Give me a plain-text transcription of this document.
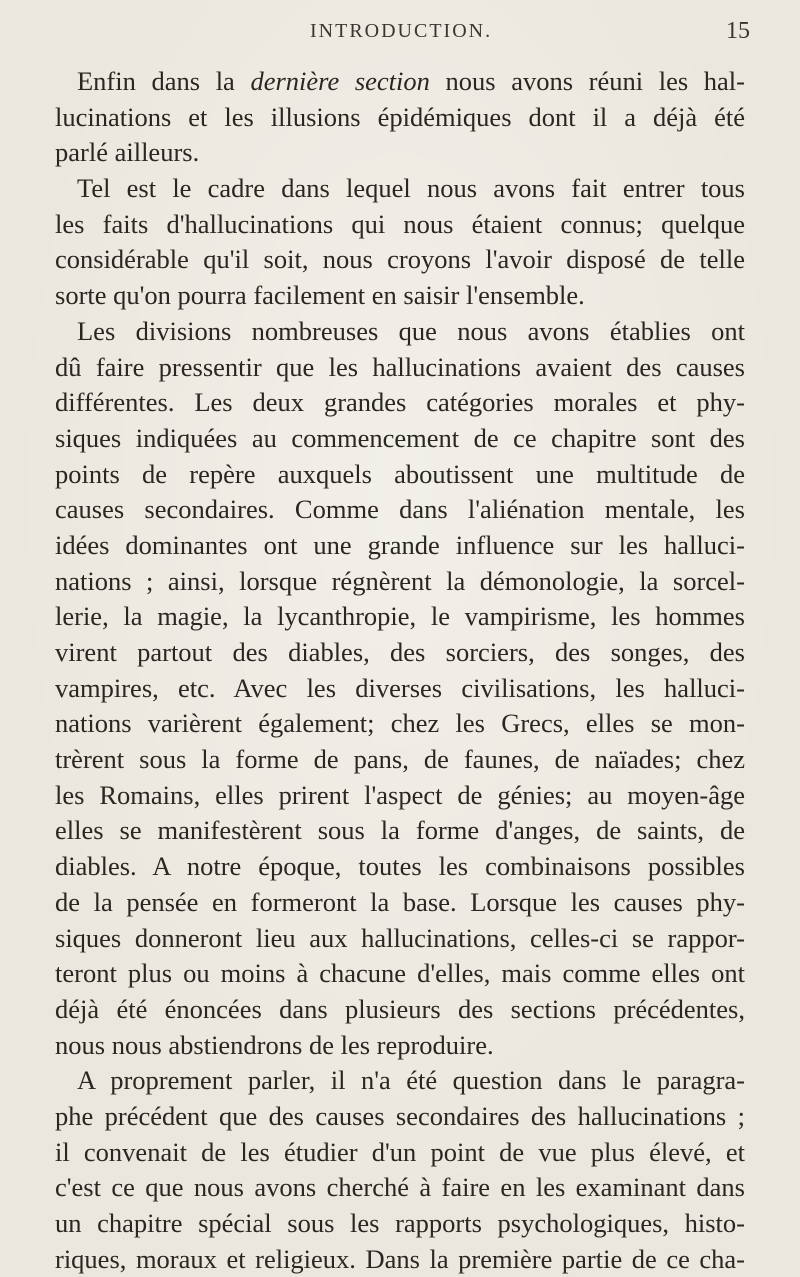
INTRODUCTION.	15
Enfin dans la dernière section nous avons réuni les hal-
lucinations et les illusions épidémiques dont il a déjà été
parlé ailleurs.
Tel est le cadre dans lequel nous avons fait entrer tous
les faits d'hallucinations qui nous étaient connus; quelque
considérable qu'il soit, nous croyons l'avoir disposé de telle
sorte qu'on pourra facilement en saisir l'ensemble.
Les divisions nombreuses que nous avons établies ont
dû faire pressentir que les hallucinations avaient des causes
différentes. Les deux grandes catégories morales et phy-
siques indiquées au commencement de ce chapitre sont des
points de repère auxquels aboutissent une multitude de
causes secondaires. Comme dans l'aliénation mentale, les
idées dominantes ont une grande influence sur les halluci-
nations ; ainsi, lorsque régnèrent la démonologie, la sorcel-
lerie, la magie, la lycanthropie, le vampirisme, les hommes
virent partout des diables, des sorciers, des songes, des
vampires, etc. Avec les diverses civilisations, les halluci-
nations varièrent également; chez les Grecs, elles se mon-
trèrent sous la forme de pans, de faunes, de naïades; chez
les Romains, elles prirent l'aspect de génies; au moyen-âge
elles se manifestèrent sous la forme d'anges, de saints, de
diables. A notre époque, toutes les combinaisons possibles
de la pensée en formeront la base. Lorsque les causes phy-
siques donneront lieu aux hallucinations, celles-ci se rappor-
teront plus ou moins à chacune d'elles, mais comme elles ont
déjà été énoncées dans plusieurs des sections précédentes,
nous nous abstiendrons de les reproduire.
A proprement parler, il n'a été question dans le paragra-
phe précédent que des causes secondaires des hallucinations ;
il convenait de les étudier d'un point de vue plus élevé, et
c'est ce que nous avons cherché à faire en les examinant dans
un chapitre spécial sous les rapports psychologiques, histo-
riques, moraux et religieux. Dans la première partie de ce cha-
